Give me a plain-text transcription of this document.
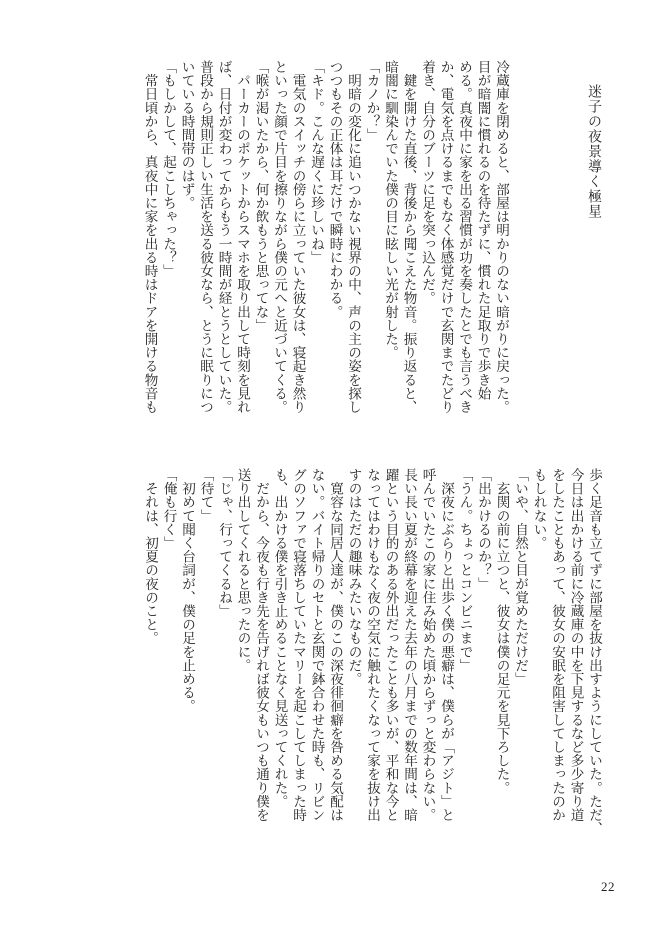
迷子の夜景導く極星
冷蔵庫を閉めると、部屋は明かりのない暗がりに戻った。
目が暗闇に慣れるのを待たずに、慣れた足取りで歩き始
める。真夜中に家を出る習慣が功を奏したとでも言うべき
か、電気を点けるまでもなく体感覚だけで玄関までたどり
着き、自分のブーツに足を突っ込んだ。
　鍵を開けた直後、背後から聞こえた物音。振り返ると、
暗闇に馴染んでいた僕の目に眩しい光が射した。
「カノか？」
　明暗の変化に追いつかない視界の中、声の主の姿を探し
つつもその正体は耳だけで瞬時にわかる。
「キド。こんな遅くに珍しいね」
　電気のスイッチの傍らに立っていた彼女は、寝起き然り
といった顔で片目を擦りながら僕の元へと近づいてくる。
「喉が渇いたから、何か飲もうと思ってな」
　パーカーのポケットからスマホを取り出して時刻を見れ
ば、日付が変わってからもう一時間が経とうとしていた。
普段から規則正しい生活を送る彼女なら、とうに眠りにつ
いている時間帯のはず。
「もしかして、起こしちゃった？」
　常日頃から、真夜中に家を出る時はドアを開ける物音も
歩く足音も立てずに部屋を抜け出すようにしていた。ただ、
今日は出かける前に冷蔵庫の中を下見するなど多少寄り道
をしたこともあって、彼女の安眠を阻害してしまったのか
もしれない。
「いや、自然と目が覚めただけだ」
　玄関の前に立つと、彼女は僕の足元を見下ろした。
「出かけるのか？」
「うん。ちょっとコンビニまで」
　深夜にぶらりと出歩く僕の悪癖は、僕らが「アジト」と
呼んでいたこの家に住み始めた頃からずっと変わらない。
長い長い夏が終幕を迎えた去年の八月までの数年間は、暗
躍という目的のある外出だったことも多いが、平和な今と
なってはわけもなく夜の空気に触れたくなって家を抜け出
すのはただの趣味みたいなものだ。
　寛容な同居人達が、僕のこの深夜徘徊癖を咎める気配は
ない。バイト帰りのセトと玄関で鉢合わせた時も、リビン
グのソファで寝落ちしていたマリーを起こしてしまった時
も、出かける僕を引き止めることなく見送ってくれた。
　だから、今夜も行き先を告げれば彼女もいつも通り僕を
送り出してくれると思ったのに。
「じゃ、行ってくるね」
「待て」
　初めて聞く台詞が、僕の足を止める。
「俺も行く」
　それは、初夏の夜のこと。
22
